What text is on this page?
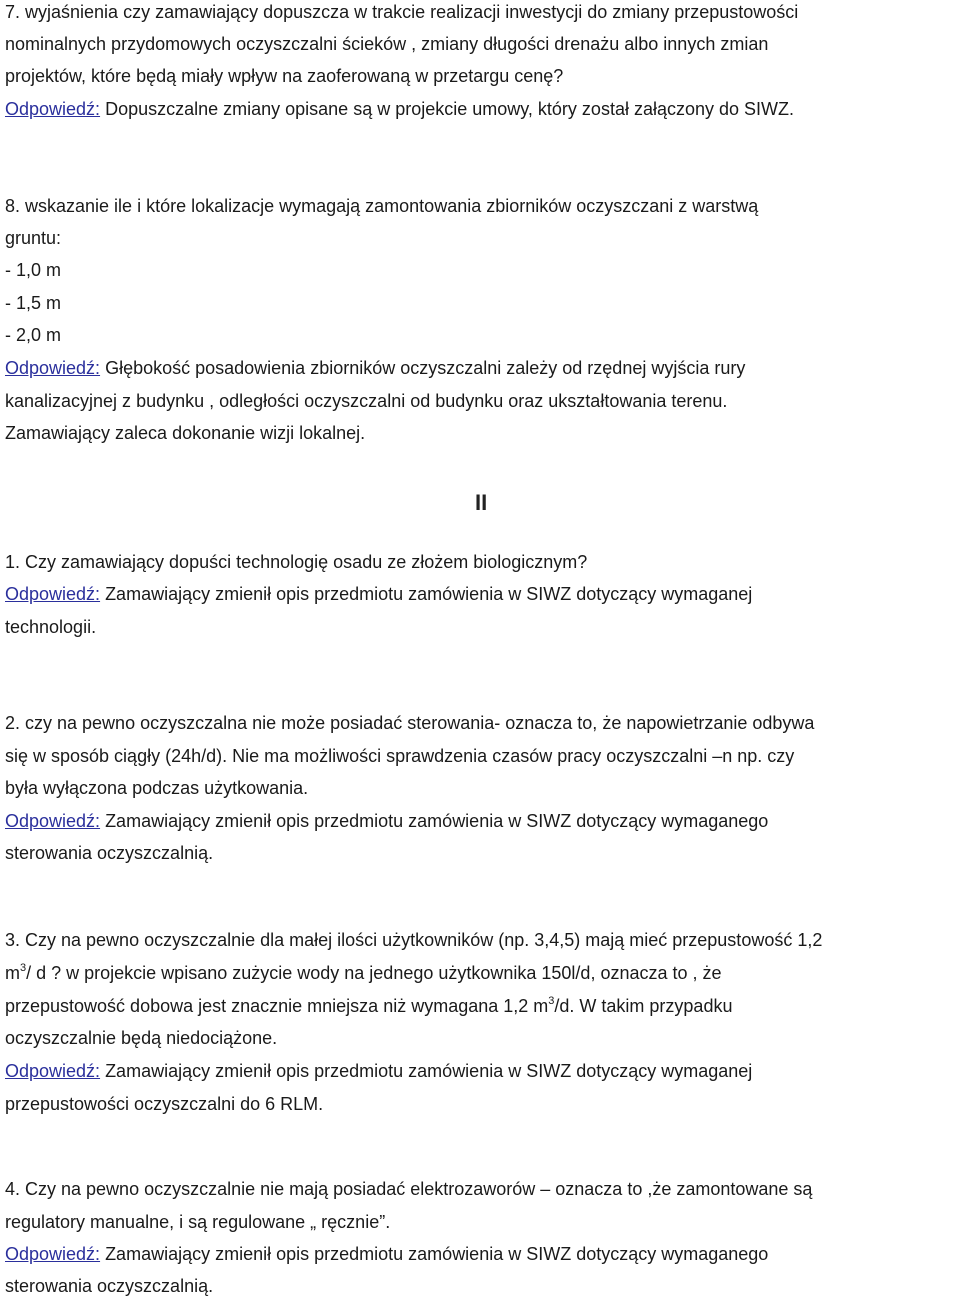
7. wyjaśnienia czy zamawiający dopuszcza w trakcie realizacji inwestycji do zmiany przepustowości
nominalnych przydomowych oczyszczalni ścieków , zmiany długości drenażu albo innych zmian
projektów, które będą miały wpływ na zaoferowaną w przetargu cenę?
Odpowiedź: Dopuszczalne zmiany opisane są w projekcie umowy, który został załączony do SIWZ.
8. wskazanie ile i które lokalizacje wymagają zamontowania zbiorników oczyszczani z warstwą
gruntu:
- 1,0 m
- 1,5 m
- 2,0 m
Odpowiedź: Głębokość posadowienia zbiorników oczyszczalni zależy od rzędnej wyjścia rury
kanalizacyjnej z budynku , odległości oczyszczalni od budynku oraz ukształtowania terenu.
Zamawiający zaleca dokonanie wizji lokalnej.
II
1. Czy zamawiający dopuści technologię osadu ze złożem biologicznym?
Odpowiedź: Zamawiający zmienił opis przedmiotu zamówienia w SIWZ dotyczący wymaganej
technologii.
2. czy na pewno oczyszczalna nie może posiadać sterowania- oznacza to, że napowietrzanie odbywa
się w sposób ciągły (24h/d). Nie ma możliwości sprawdzenia czasów pracy oczyszczalni –n np. czy
była wyłączona podczas użytkowania.
Odpowiedź: Zamawiający zmienił opis przedmiotu zamówienia w SIWZ dotyczący wymaganego
sterowania oczyszczalnią.
3. Czy na pewno oczyszczalnie dla małej ilości użytkowników (np. 3,4,5) mają mieć przepustowość 1,2
$m^3/$ d ? w projekcie wpisano zużycie wody na jednego użytkownika 150l/d, oznacza to , że
przepustowość dobowa jest znacznie mniejsza niż wymagana 1,2 $m^3/d$. W takim przypadku
oczyszczalnie będą niedociążone.
Odpowiedź: Zamawiający zmienił opis przedmiotu zamówienia w SIWZ dotyczący wymaganej
przepustowości oczyszczalni do 6 RLM.
4. Czy na pewno oczyszczalnie nie mają posiadać elektrozaworów – oznacza to ,że zamontowane są
regulatory manualne, i są regulowane „ ręcznie”.
Odpowiedź: Zamawiający zmienił opis przedmiotu zamówienia w SIWZ dotyczący wymaganego
sterowania oczyszczalnią.
